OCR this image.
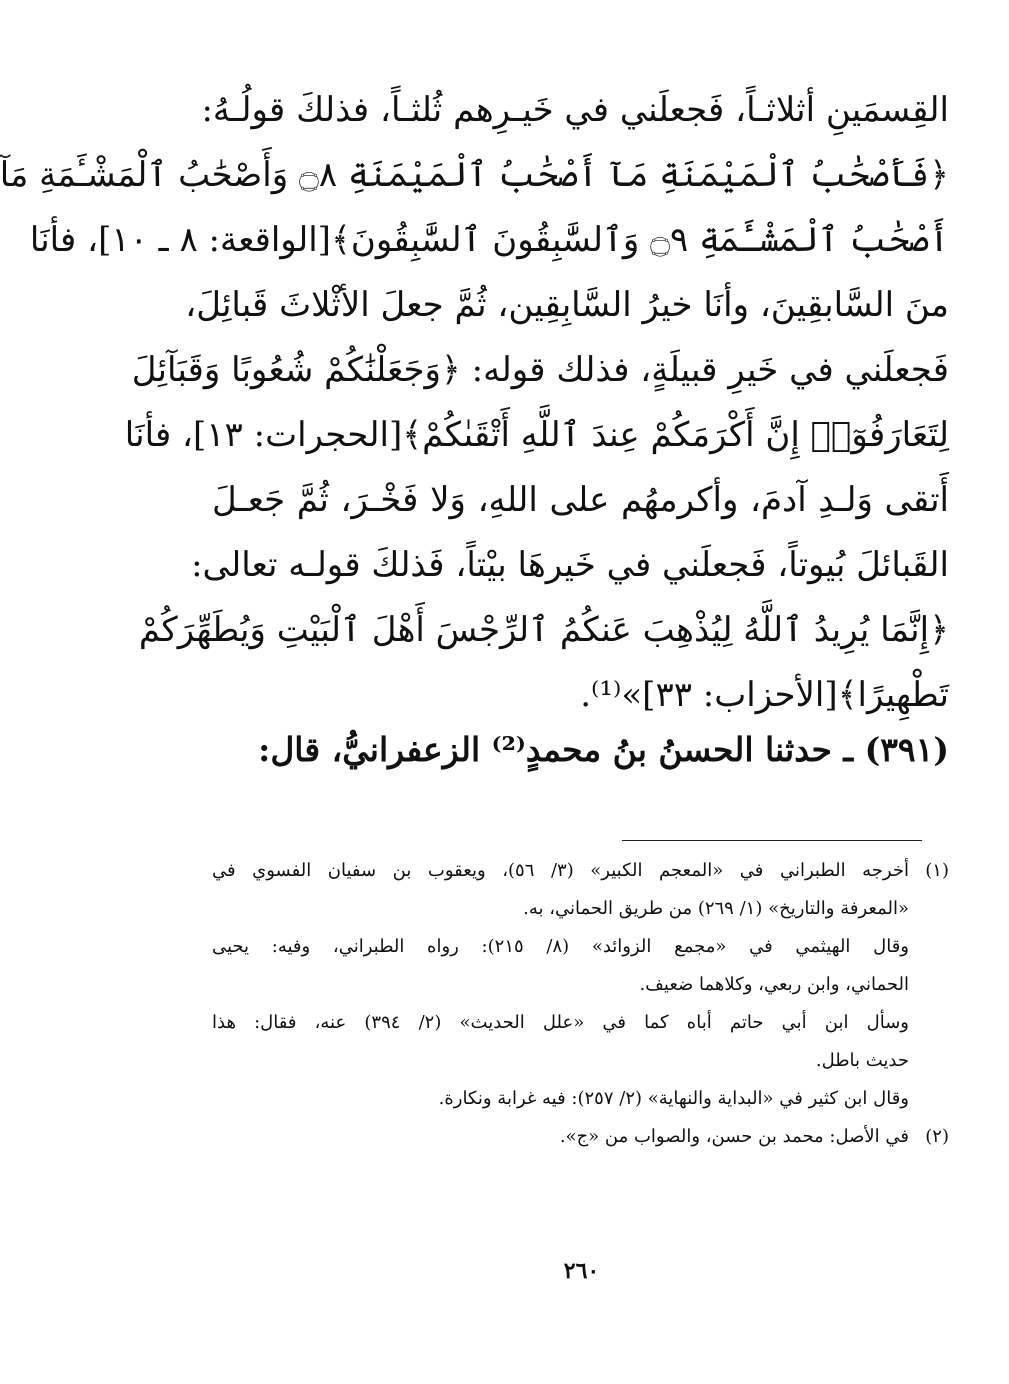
القِسمَينِ أثلاثـاً، فَجعلَني في خَيـرِهم ثُلثـاً، فذلكَ قولُـهُ:
﴿فَأَصْحَٰبُ ٱلْمَيْمَنَةِ مَآ أَصْحَٰبُ ٱلْمَيْمَنَةِ ۝٨ وَأَصْحَٰبُ ٱلْمَشْـَٔمَةِ مَآ
أَصْحَٰبُ ٱلْمَشْـَٔمَةِ ۝٩ وَٱلسَّٰبِقُونَ ٱلسَّٰبِقُونَ﴾[الواقعة: ٨ ـ ١٠]، فأنَا
منَ السَّابقِينَ، وأنَا خيرُ السَّابِقِين، ثُمَّ جعلَ الأثْلاثَ قَبائِلَ،
فَجعلَني في خَيرِ قبيلَةٍ، فذلك قوله: ﴿وَجَعَلْنَٰكُمْ شُعُوبًا وَقَبَآئِلَ
لِتَعَارَفُوٓا۟ إِنَّ أَكْرَمَكُمْ عِندَ ٱللَّهِ أَتْقَىٰكُمْ﴾[الحجرات: ١٣]، فأنَا
أَتقى وَلـدِ آدمَ، وأكرمهُم على اللهِ، وَلا فَخْـرَ، ثُمَّ جَعـلَ
القَبائلَ بُيوتاً، فَجعلَني في خَيرهَا بيْتاً، فَذلكَ قولـه تعالى:
﴿إِنَّمَا يُرِيدُ ٱللَّهُ لِيُذْهِبَ عَنكُمُ ٱلرِّجْسَ أَهْلَ ٱلْبَيْتِ وَيُطَهِّرَكُمْ
تَطْهِيرًا﴾[الأحزاب: ٣٣]»⁽¹⁾.
(٣٩١) ـ حدثنا الحسنُ بنُ محمدٍ⁽²⁾ الزعفرانيُّ، قال:
(١)
أخرجه الطبراني في «المعجم الكبير» (٣/ ٥٦)، ويعقوب بن سفيان الفسوي في
«المعرفة والتاريخ» (١/ ٢٦٩) من طريق الحماني، به.
وقال الهيثمي في «مجمع الزوائد» (٨/ ٢١٥): رواه الطبراني، وفيه: يحيى
الحماني، وابن ربعي، وكلاهما ضعيف.
وسأل ابن أبي حاتم أباه كما في «علل الحديث» (٢/ ٣٩٤) عنه، فقال: هذا
حديث باطل.
وقال ابن كثير في «البداية والنهاية» (٢/ ٢٥٧): فيه غرابة ونكارة.
(٢)
في الأصل: محمد بن حسن، والصواب من «ج».
٢٦٠
